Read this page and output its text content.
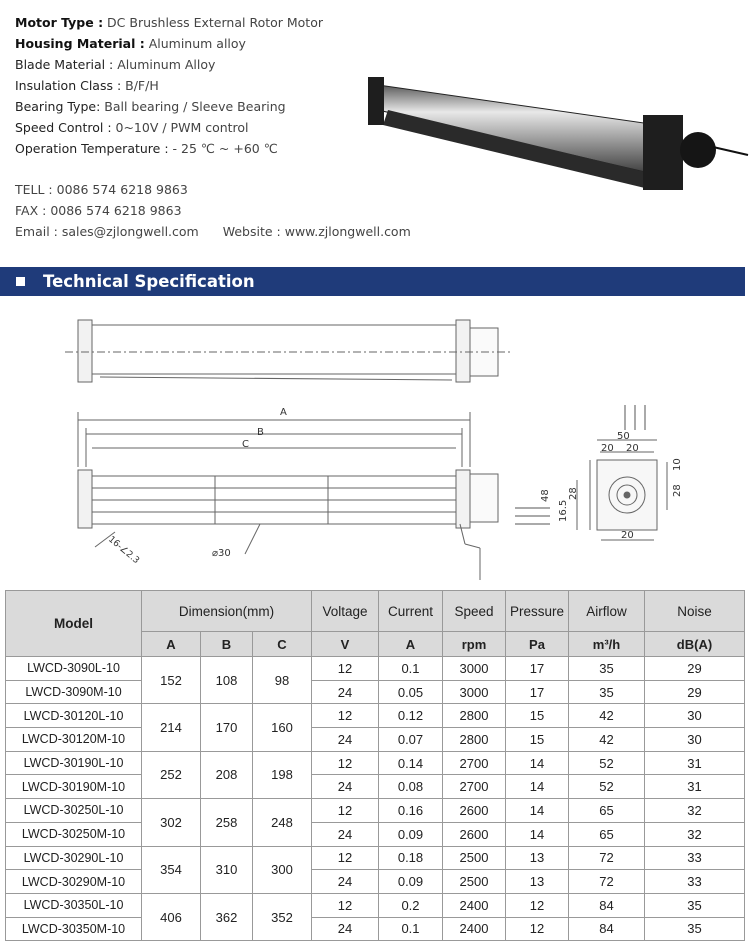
Motor Type : DC Brushless External Rotor Motor
Housing Material : Aluminum alloy
Blade Material : Aluminum Alloy
Insulation Class : B/F/H
Bearing Type: Ball bearing / Sleeve Bearing
Speed Control : 0~10V / PWM control
Operation Temperature : - 25 ℃ ~ +60 ℃
TELL : 0086 574 6218 9863
FAX : 0086 574 6218 9863
Email : sales@zjlongwell.com Website : www.zjlongwell.com
Technical Specification
A
B
C
⌀30
16-∠2.3
50
20 20
20
48 28
16.5
28
10
Model	Dimension(mm)			Voltage	Current	Speed	Pressure	Airflow	Noise
	A	B	C	V	A	rpm	Pa	m³/h	dB(A)
LWCD-3090L-10	152	108	98	12	0.1	3000	17	35	29
LWCD-3090M-10				24	0.05	3000	17	35	29
LWCD-30120L-10	214	170	160	12	0.12	2800	15	42	30
LWCD-30120M-10				24	0.07	2800	15	42	30
LWCD-30190L-10	252	208	198	12	0.14	2700	14	52	31
LWCD-30190M-10				24	0.08	2700	14	52	31
LWCD-30250L-10	302	258	248	12	0.16	2600	14	65	32
LWCD-30250M-10				24	0.09	2600	14	65	32
LWCD-30290L-10	354	310	300	12	0.18	2500	13	72	33
LWCD-30290M-10				24	0.09	2500	13	72	33
LWCD-30350L-10	406	362	352	12	0.2	2400	12	84	35
LWCD-30350M-10				24	0.1	2400	12	84	35
